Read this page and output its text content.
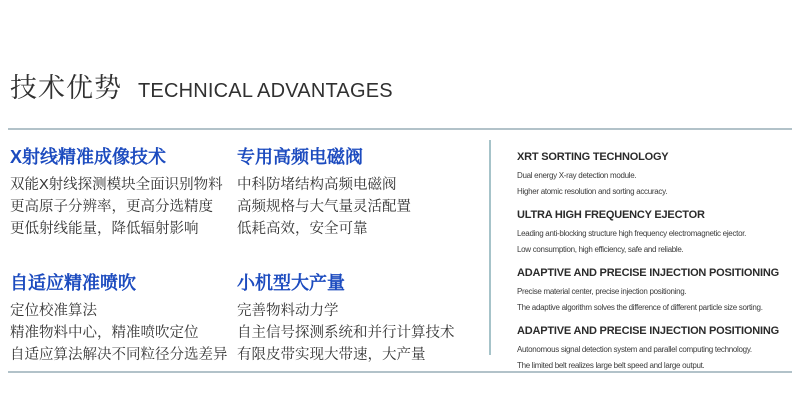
技术优势 TECHNICAL ADVANTAGES
X射线精准成像技术

双能X射线探测模块全面识别物料

更高原子分辨率，更高分选精度

更低射线能量，降低辐射影响

自适应精准喷吹

定位校准算法

精准物料中心，精准喷吹定位

自适应算法解决不同粒径分选差异

专用高频电磁阀

中科防堵结构高频电磁阀

高频规格与大气量灵活配置

低耗高效，安全可靠

小机型大产量

完善物料动力学

自主信号探测系统和并行计算技术

有限皮带实现大带速，大产量

XRT SORTING TECHNOLOGY

Dual energy X-ray detection module.

Higher atomic resolution and sorting accuracy.

ULTRA HIGH FREQUENCY EJECTOR

Leading anti-blocking structure high frequency electromagnetic ejector.

Low consumption, high efficiency, safe and reliable.

ADAPTIVE AND PRECISE INJECTION POSITIONING

Precise material center, precise injection positioning.

The adaptive algorithm solves the difference of different particle size sorting.

ADAPTIVE AND PRECISE INJECTION POSITIONING

Autonomous signal detection system and parallel computing technology.

The limited belt realizes large belt speed and large output.
